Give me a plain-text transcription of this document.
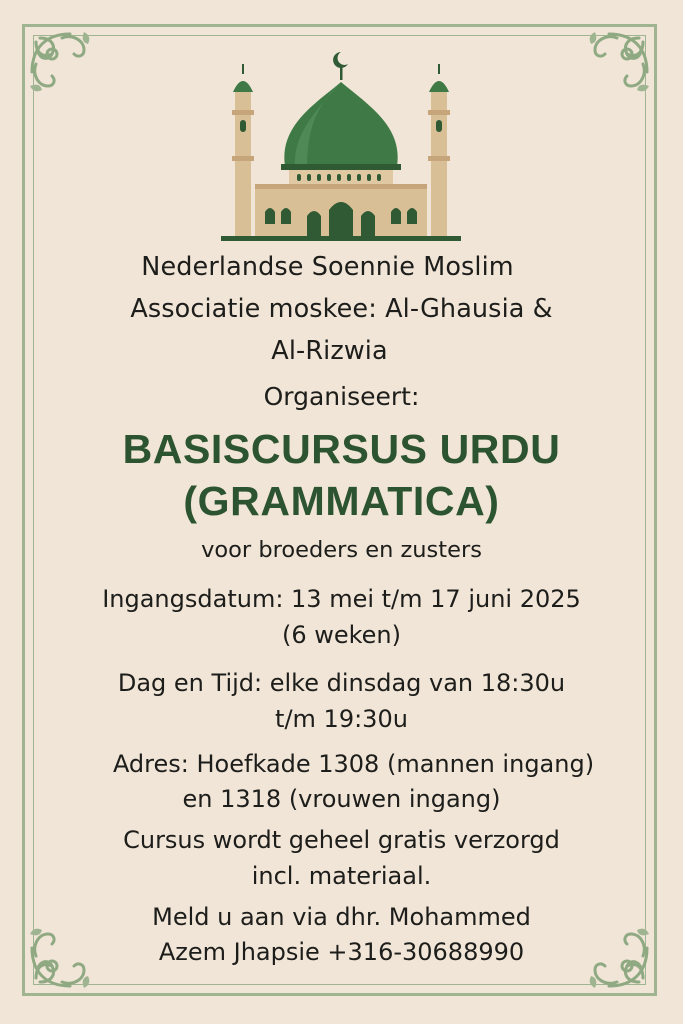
Nederlandse Soennie Moslim

Associatie moskee: Al-Ghausia &

Al-Rizwia

Organiseert:

BASISCURSUS URDU

(GRAMMATICA)

voor broeders en zusters

Ingangsdatum: 13 mei t/m 17 juni 2025

(6 weken)

Dag en Tijd: elke dinsdag van 18:30u

t/m 19:30u

Adres: Hoefkade 1308 (mannen ingang)

en 1318 (vrouwen ingang)

Cursus wordt geheel gratis verzorgd

incl. materiaal.

Meld u aan via dhr. Mohammed

Azem Jhapsie +316-30688990
